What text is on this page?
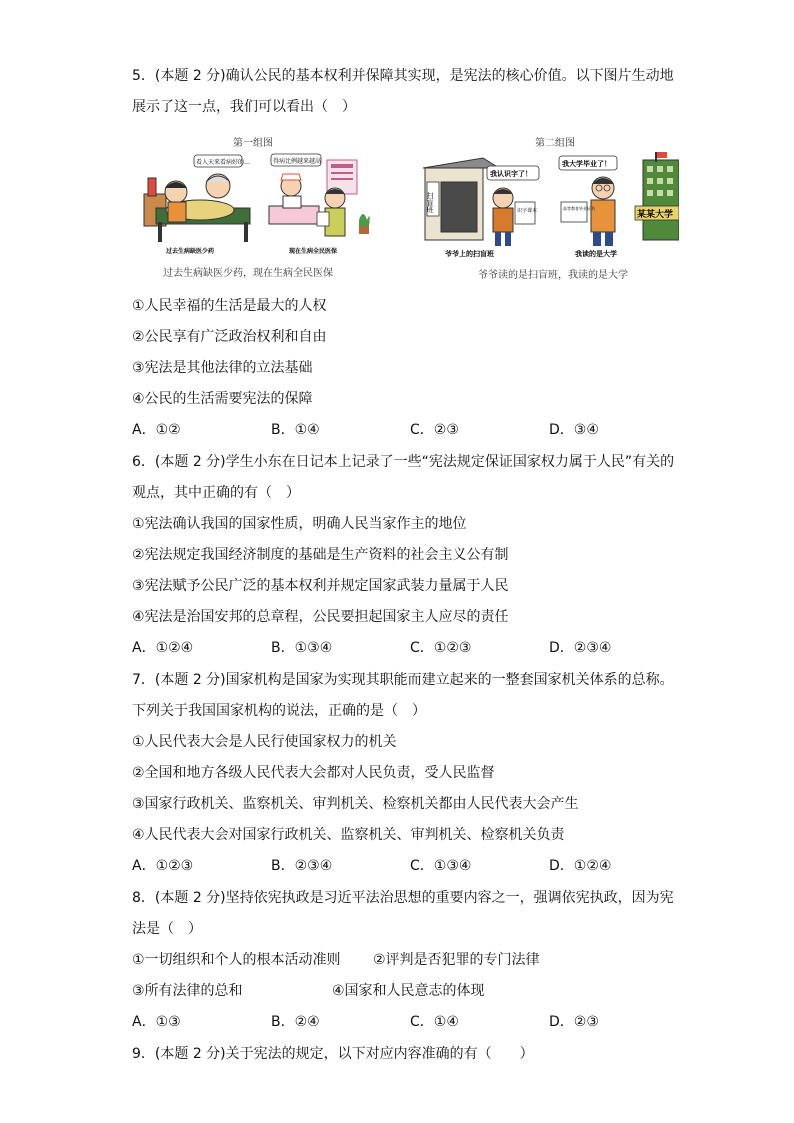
5．(本题 2 分)确认公民的基本权利并保障其实现，是宪法的核心价值。以下图片生动地
展示了这一点，我们可以看出（　）
第一组图	第二组图
看人天来看病好的…
过去生病缺医少药
得病比例越来越高
现在生病全民医保
扫盲班	识字课本
我认识字了！
爷爷上的扫盲班
某某大学
高等教育毕业证书
我大学毕业了！
我读的是大学
过去生病缺医少药，现在生病全民医保	爷爷读的是扫盲班，我读的是大学
①人民幸福的生活是最大的人权
②公民享有广泛政治权利和自由
③宪法是其他法律的立法基础
④公民的生活需要宪法的保障
A．①②	B．①④	C．②③	D．③④
6．(本题 2 分)学生小东在日记本上记录了一些“宪法规定保证国家权力属于人民”有关的
观点，其中正确的有（　）
①宪法确认我国的国家性质，明确人民当家作主的地位
②宪法规定我国经济制度的基础是生产资料的社会主义公有制
③宪法赋予公民广泛的基本权利并规定国家武装力量属于人民
④宪法是治国安邦的总章程，公民要担起国家主人应尽的责任
A．①②④	B．①③④	C．①②③	D．②③④
7．(本题 2 分)国家机构是国家为实现其职能而建立起来的一整套国家机关体系的总称。
下列关于我国国家机构的说法，正确的是（　）
①人民代表大会是人民行使国家权力的机关
②全国和地方各级人民代表大会都对人民负责，受人民监督
③国家行政机关、监察机关、审判机关、检察机关都由人民代表大会产生
④人民代表大会对国家行政机关、监察机关、审判机关、检察机关负责
A．①②③	B．②③④	C．①③④	D．①②④
8．(本题 2 分)坚持依宪执政是习近平法治思想的重要内容之一，强调依宪执政，因为宪
法是（　）
①一切组织和个人的根本活动准则 ②评判是否犯罪的专门法律
③所有法律的总和	④国家和人民意志的体现
A．①③	B．②④	C．①④	D．②③
9．(本题 2 分)关于宪法的规定，以下对应内容准确的有（　　）
